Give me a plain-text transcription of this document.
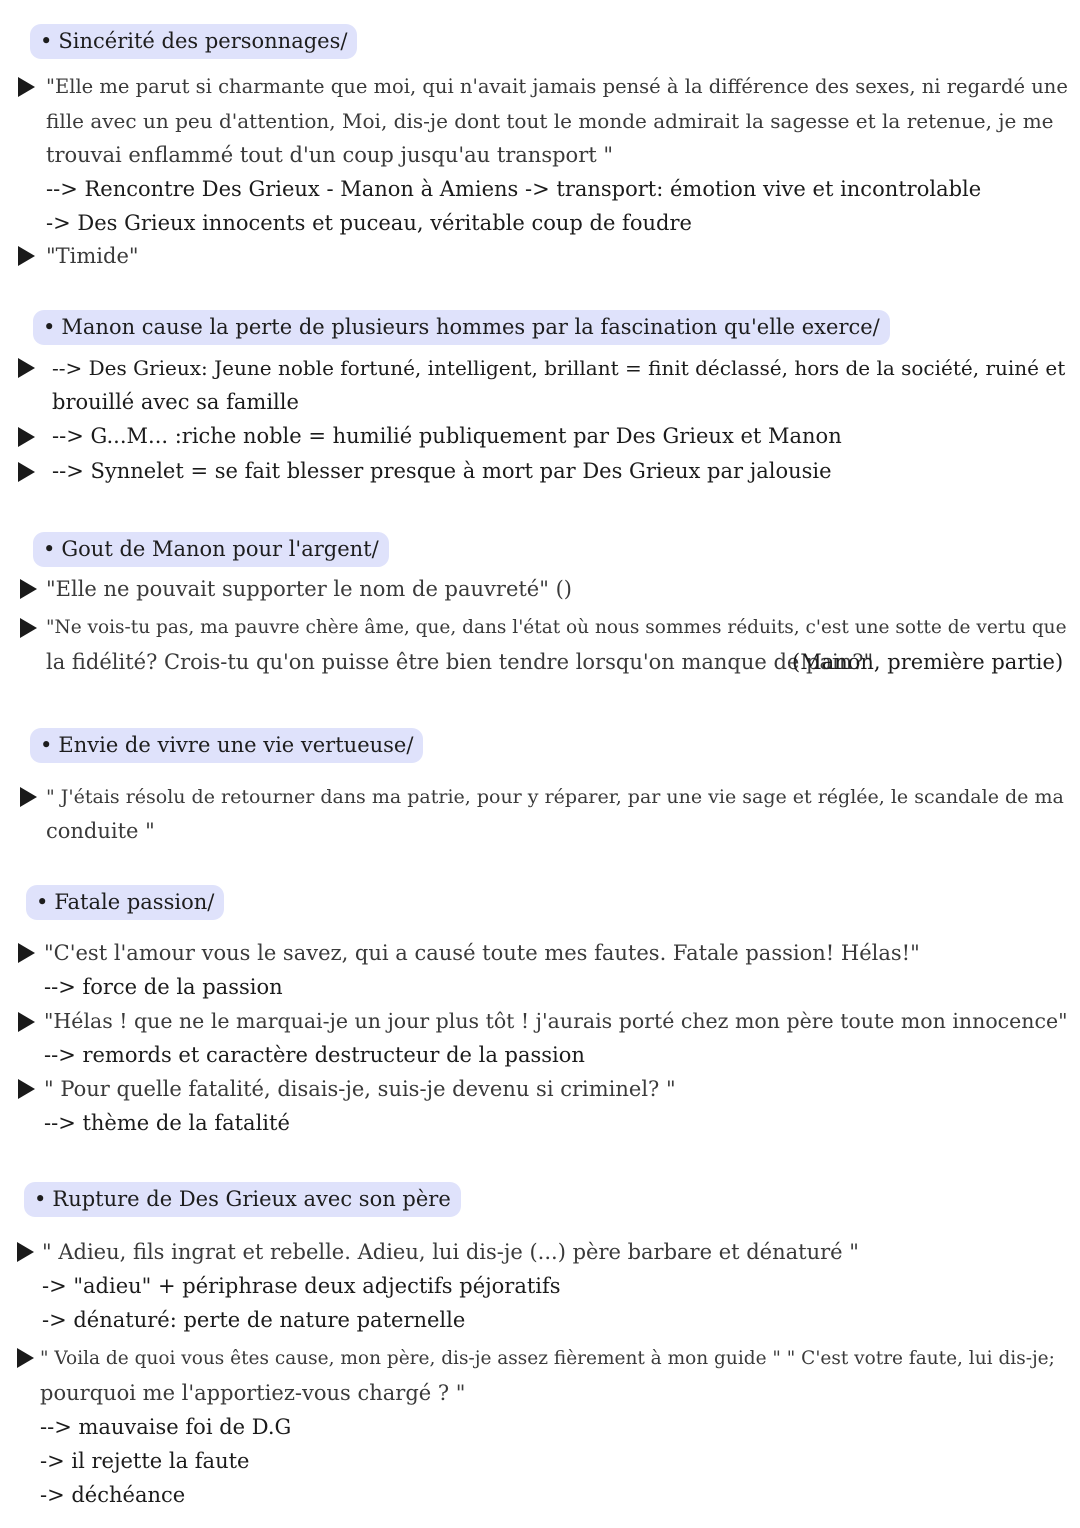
• Sincérité des personnages/
"Elle me parut si charmante que moi, qui n'avait jamais pensé à la différence des sexes, ni regardé une
fille avec un peu d'attention, Moi, dis-je dont tout le monde admirait la sagesse et la retenue, je me
trouvai enflammé tout d'un coup jusqu'au transport "
--> Rencontre Des Grieux - Manon à Amiens -> transport: émotion vive et incontrolable
-> Des Grieux innocents et puceau, véritable coup de foudre
"Timide"
• Manon cause la perte de plusieurs hommes par la fascination qu'elle exerce/
--> Des Grieux: Jeune noble fortuné, intelligent, brillant = finit déclassé, hors de la société, ruiné et
brouillé avec sa famille
--> G...M... :riche noble = humilié publiquement par Des Grieux et Manon
--> Synnelet = se fait blesser presque à mort par Des Grieux par jalousie
• Gout de Manon pour l'argent/
"Elle ne pouvait supporter le nom de pauvreté" ()
"Ne vois-tu pas, ma pauvre chère âme, que, dans l'état où nous sommes réduits, c'est une sotte de vertu que
la fidélité? Crois-tu qu'on puisse être bien tendre lorsqu'on manque de pain?"
(Manon, première partie)
• Envie de vivre une vie vertueuse/
" J'étais résolu de retourner dans ma patrie, pour y réparer, par une vie sage et réglée, le scandale de ma
conduite "
• Fatale passion/
"C'est l'amour vous le savez, qui a causé toute mes fautes. Fatale passion! Hélas!"
--> force de la passion
"Hélas ! que ne le marquai-je un jour plus tôt ! j'aurais porté chez mon père toute mon innocence"
--> remords et caractère destructeur de la passion
" Pour quelle fatalité, disais-je, suis-je devenu si criminel? "
--> thème de la fatalité
• Rupture de Des Grieux avec son père
" Adieu, fils ingrat et rebelle. Adieu, lui dis-je (...) père barbare et dénaturé "
-> "adieu" + périphrase deux adjectifs péjoratifs
-> dénaturé: perte de nature paternelle
" Voila de quoi vous êtes cause, mon père, dis-je assez fièrement à mon guide " " C'est votre faute, lui dis-je;
pourquoi me l'apportiez-vous chargé ? "
--> mauvaise foi de D.G
-> il rejette la faute
-> déchéance
